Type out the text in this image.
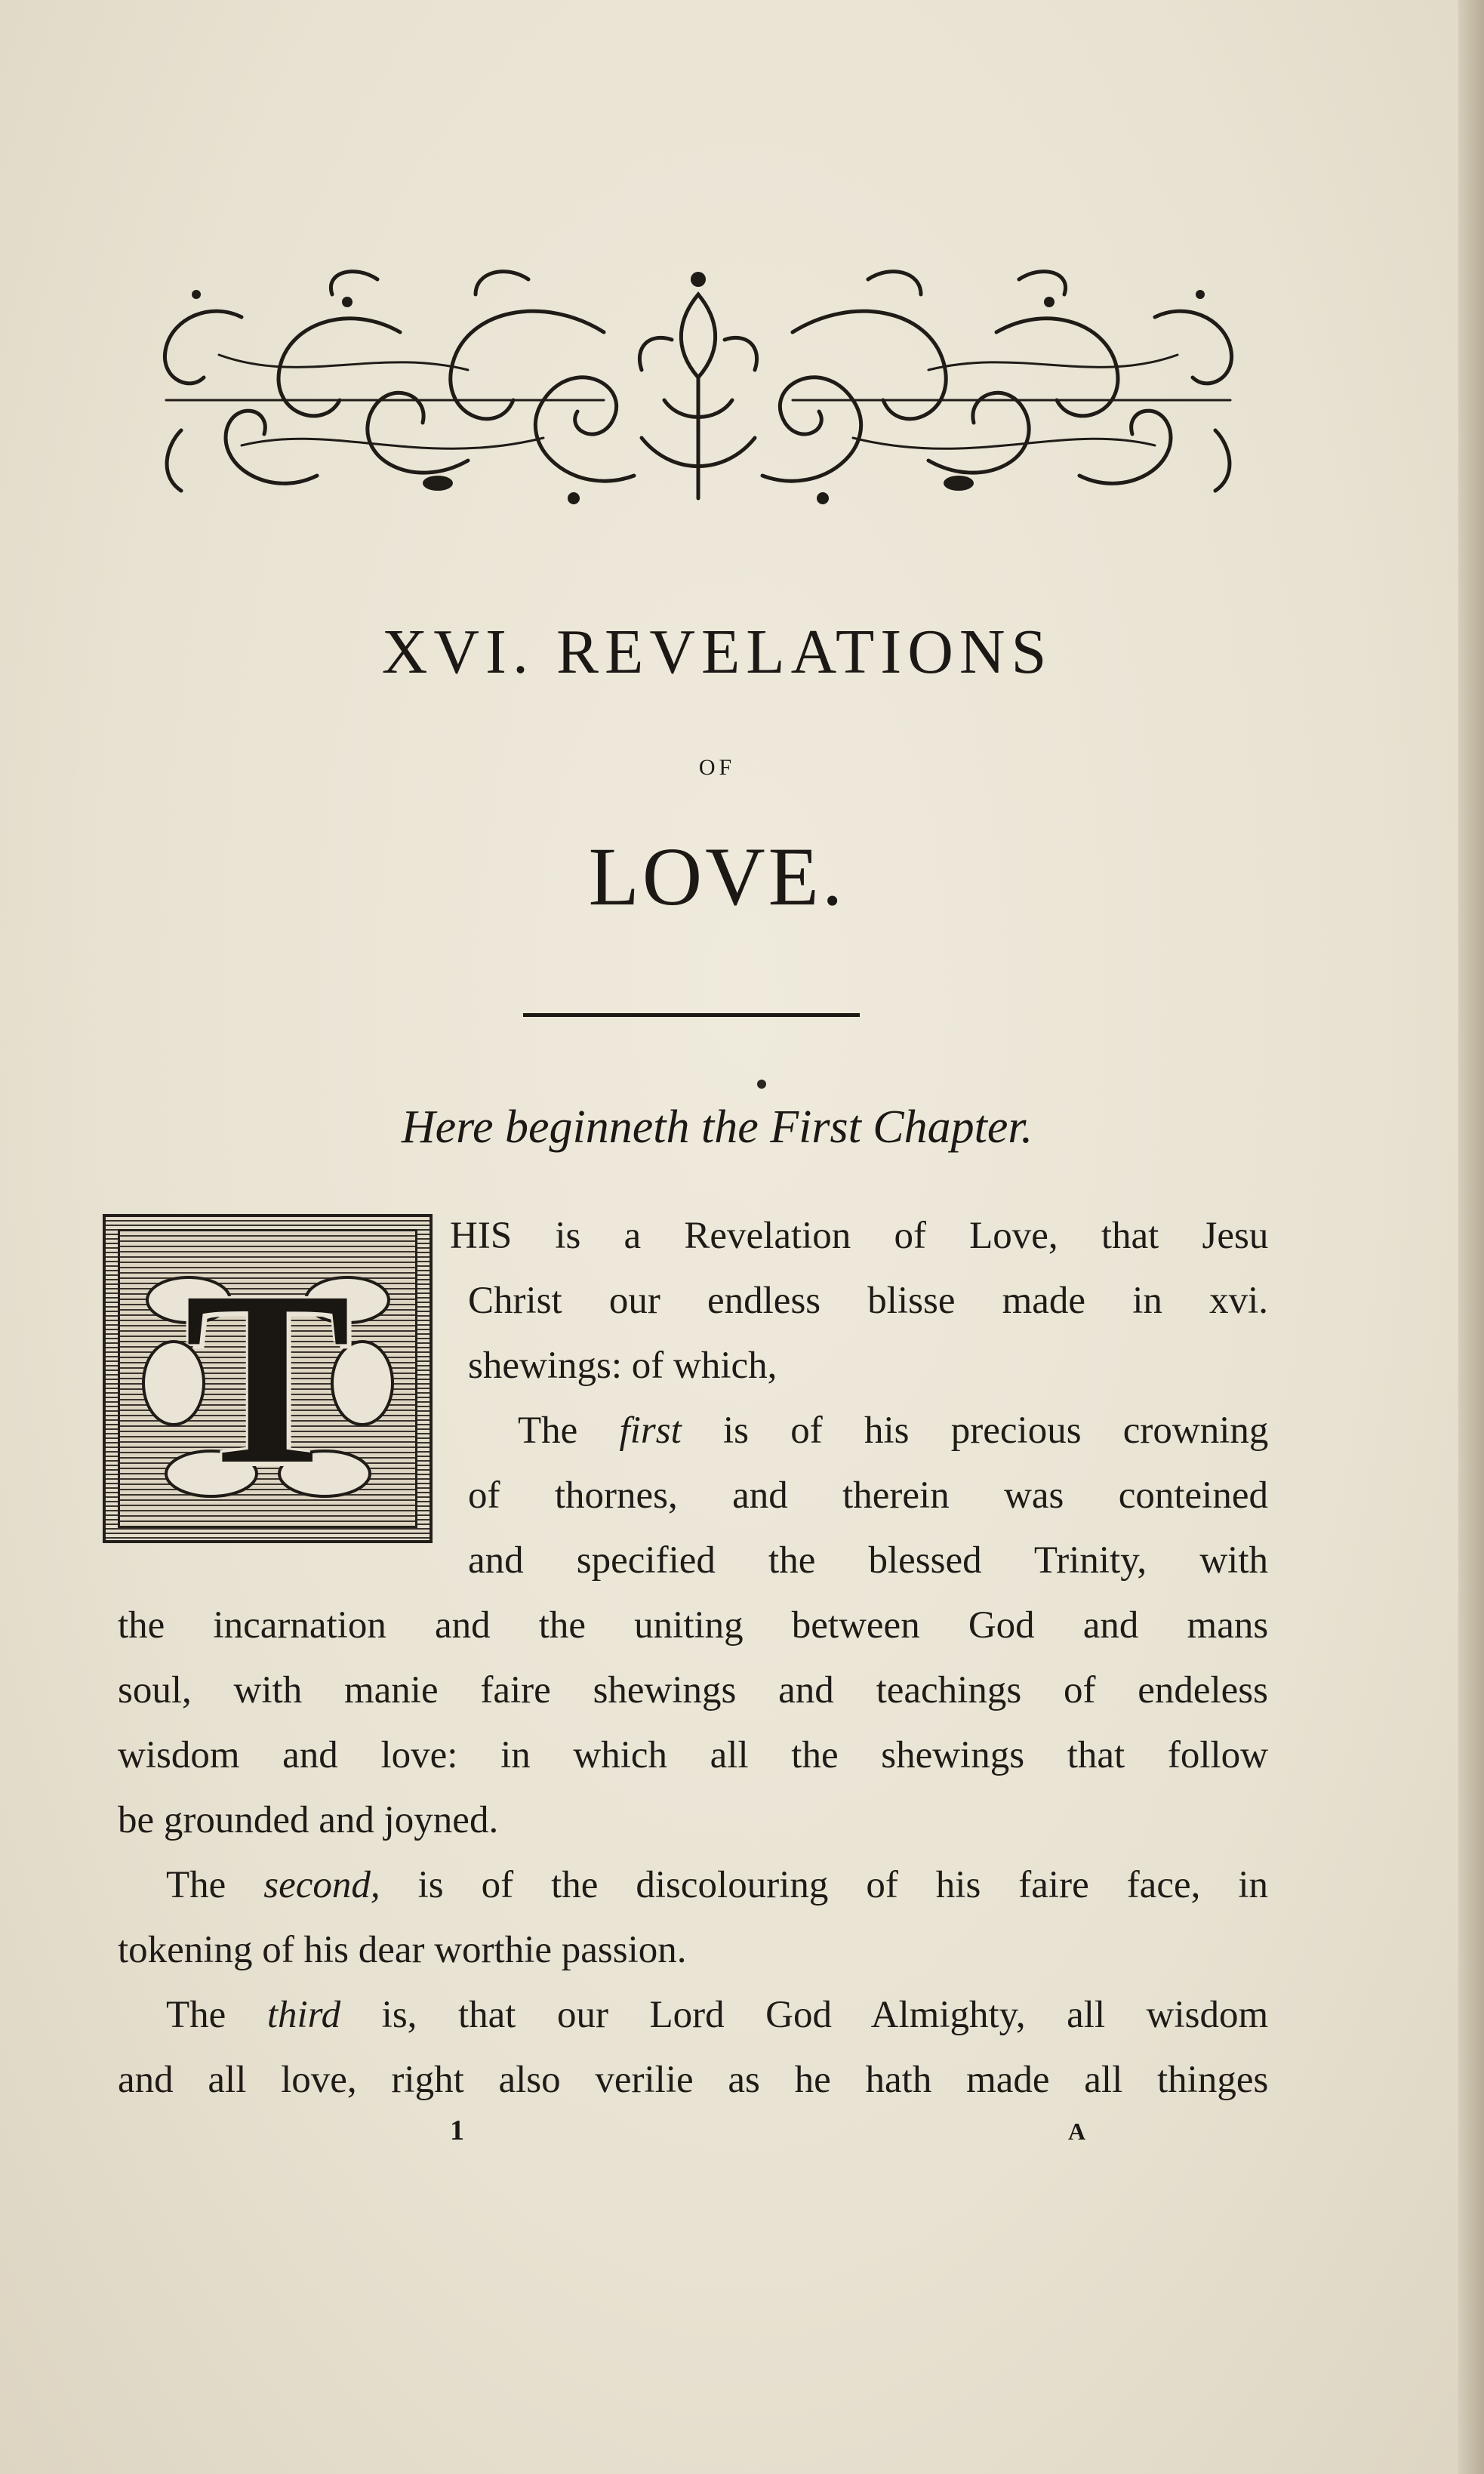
XVI. REVELATIONS
OF
LOVE.
Here beginneth the First Chapter.
T
HIS is a Revelation of Love, that Jesu
Christ our endless blisse made in xvi.
shewings: of which,
The first is of his precious crowning
of thornes, and therein was conteined
and specified the blessed Trinity, with
the incarnation and the uniting between God and mans
soul, with manie faire shewings and teachings of endeless
wisdom and love: in which all the shewings that follow
be grounded and joyned.
The second, is of the discolouring of his faire face, in
tokening of his dear worthie passion.
The third is, that our Lord God Almighty, all wisdom
and all love, right also verilie as he hath made all thinges
1	A
